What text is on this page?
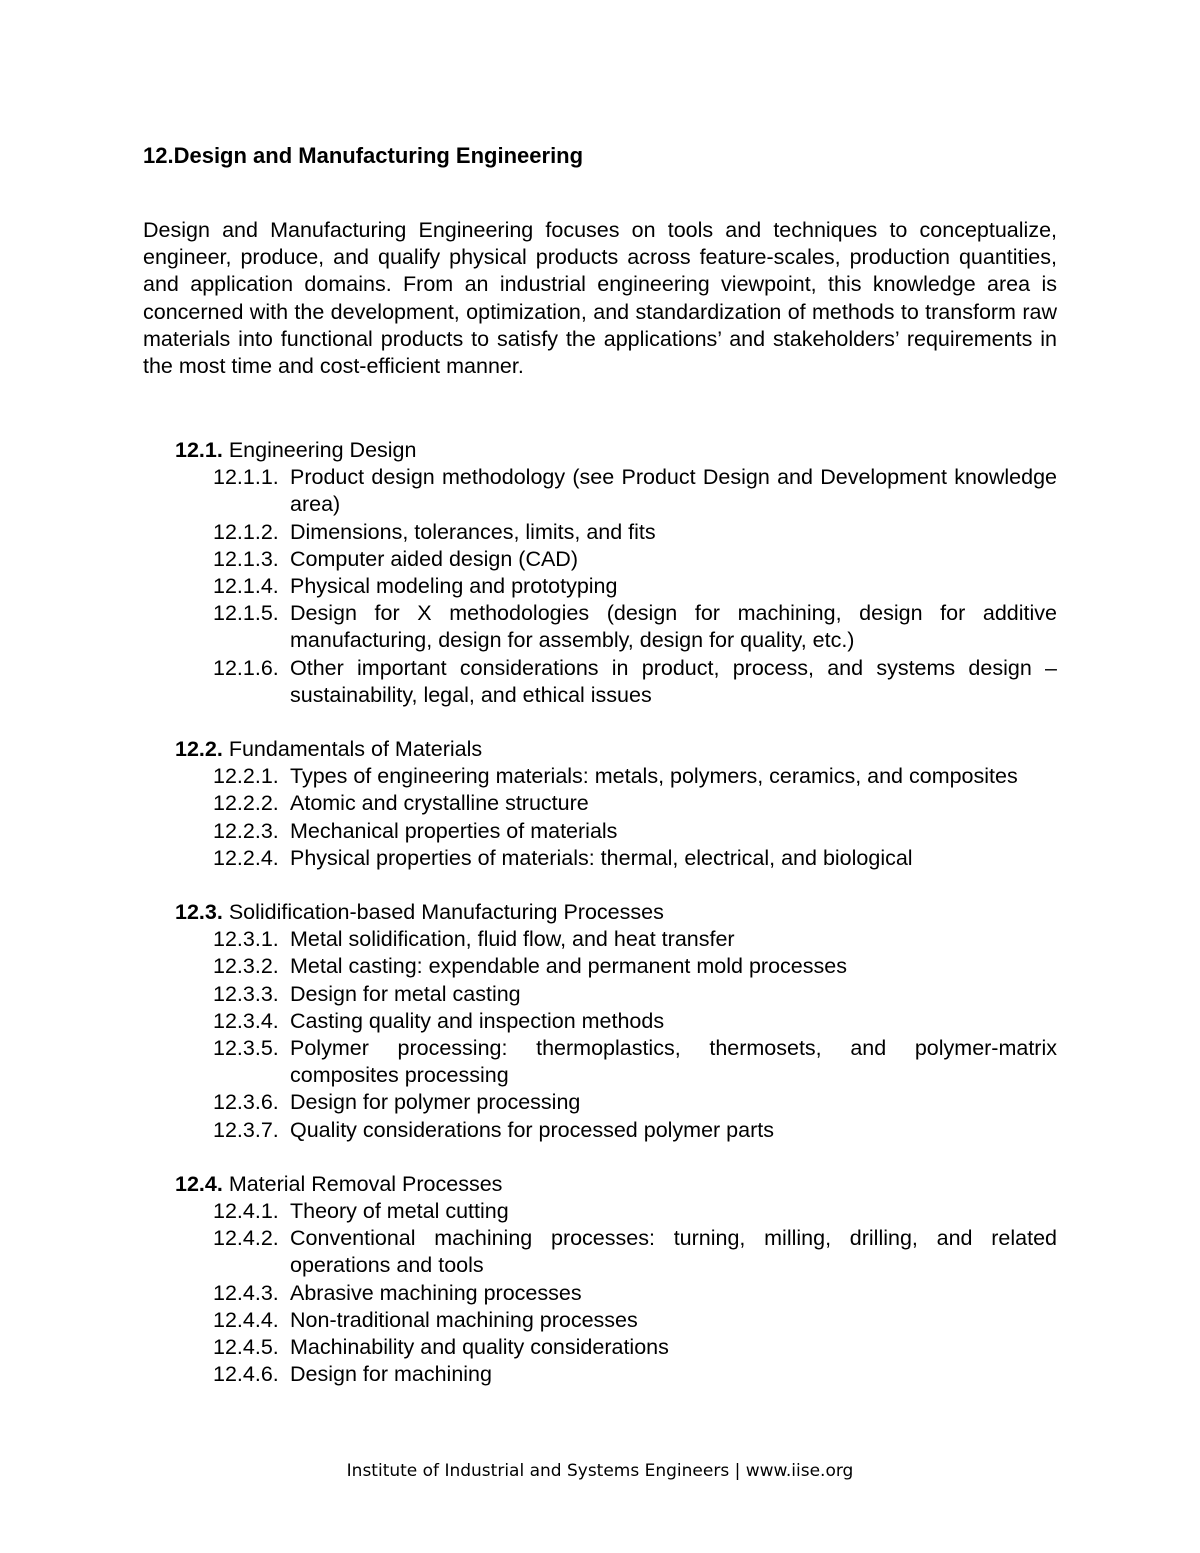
12.Design and Manufacturing Engineering

Design and Manufacturing Engineering focuses on tools and techniques to conceptualize, engineer, produce, and qualify physical products across feature-scales, production quantities, and application domains. From an industrial engineering viewpoint, this knowledge area is concerned with the development, optimization, and standardization of methods to transform raw materials into functional products to satisfy the applications’ and stakeholders’ requirements in the most time and cost-efficient manner.

12.1. Engineering Design

12.1.1. Product design methodology (see Product Design and Development knowledge area)
12.1.2. Dimensions, tolerances, limits, and fits
12.1.3. Computer aided design (CAD)
12.1.4. Physical modeling and prototyping
12.1.5. Design for X methodologies (design for machining, design for additive manufacturing, design for assembly, design for quality, etc.)
12.1.6. Other important considerations in product, process, and systems design – sustainability, legal, and ethical issues

12.2. Fundamentals of Materials

12.2.1. Types of engineering materials: metals, polymers, ceramics, and composites
12.2.2. Atomic and crystalline structure
12.2.3. Mechanical properties of materials
12.2.4. Physical properties of materials: thermal, electrical, and biological

12.3. Solidification-based Manufacturing Processes

12.3.1. Metal solidification, fluid flow, and heat transfer
12.3.2. Metal casting: expendable and permanent mold processes
12.3.3. Design for metal casting
12.3.4. Casting quality and inspection methods
12.3.5. Polymer processing: thermoplastics, thermosets, and polymer-matrix composites processing
12.3.6. Design for polymer processing
12.3.7. Quality considerations for processed polymer parts

12.4. Material Removal Processes

12.4.1. Theory of metal cutting
12.4.2. Conventional machining processes: turning, milling, drilling, and related operations and tools
12.4.3. Abrasive machining processes
12.4.4. Non-traditional machining processes
12.4.5. Machinability and quality considerations
12.4.6. Design for machining

Institute of Industrial and Systems Engineers | www.iise.org
